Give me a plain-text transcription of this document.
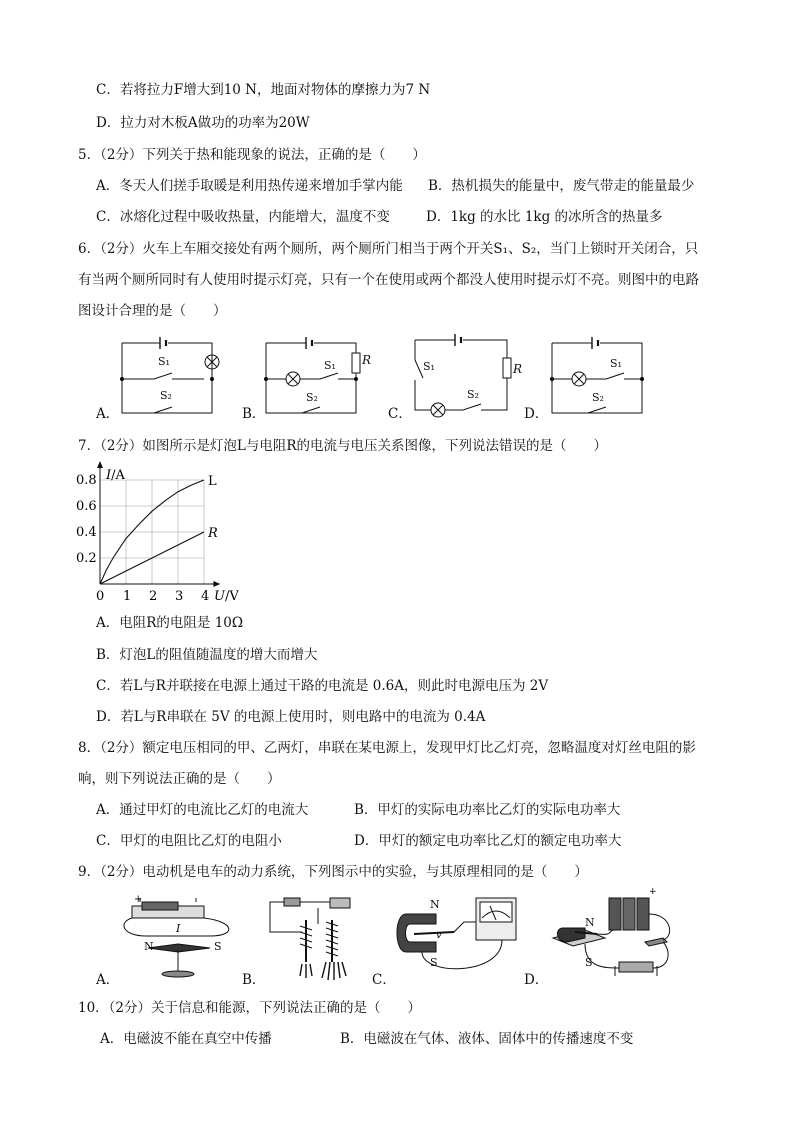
C．若将拉力F增大到10 N，地面对物体的摩擦力为7 N
D．拉力对木板A做功的功率为20W
5．（2分）下列关于热和能现象的说法，正确的是（　　）
A．冬天人们搓手取暖是利用热传递来增加手掌内能 B．热机损失的能量中，废气带走的能量最少
C．冰熔化过程中吸收热量，内能增大，温度不变	D．1kg 的水比 1kg 的冰所含的热量多
6．（2分）火车上车厢交接处有两个厕所，两个厕所门相当于两个开关S₁、S₂，当门上锁时开关闭合，只
有当两个厕所同时有人使用时提示灯亮，只有一个在使用或两个都没人使用时提示灯不亮。则图中的电路
图设计合理的是（　　）
S₁
S₂
A．
R
S₁
S₂
B．
S₁	R
S₂
C．
S₁
S₂
D．
7．（2分）如图所示是灯泡L与电阻R的电流与电压关系图像，下列说法错误的是（　　）
L
R
0 1 2 3 4
0.2
0.4
0.6
0.8 I/A
U/V
A．电阻R的电阻是 10Ω
B．灯泡L的阻值随温度的增大而增大
C．若L与R并联接在电源上通过干路的电流是 0.6A，则此时电源电压为 2V
D．若L与R串联在 5V 的电源上使用时，则电路中的电流为 0.4A
8．（2分）额定电压相同的甲、乙两灯，串联在某电源上，发现甲灯比乙灯亮，忽略温度对灯丝电阻的影
响，则下列说法正确的是（　　）
A．通过甲灯的电流比乙灯的电流大	B．甲灯的实际电功率比乙灯的实际电功率大
C．甲灯的电阻比乙灯的电阻小	D．甲灯的额定电功率比乙灯的额定电功率大
9．（2分）电动机是电车的动力系统，下列图示中的实验，与其原理相同的是（　　）
+
N	S
I
A．	B．
v
N
S
C．
+
N
S
D．
10．（2分）关于信息和能源，下列说法正确的是（　　）
A．电磁波不能在真空中传播	B．电磁波在气体、液体、固体中的传播速度不变
